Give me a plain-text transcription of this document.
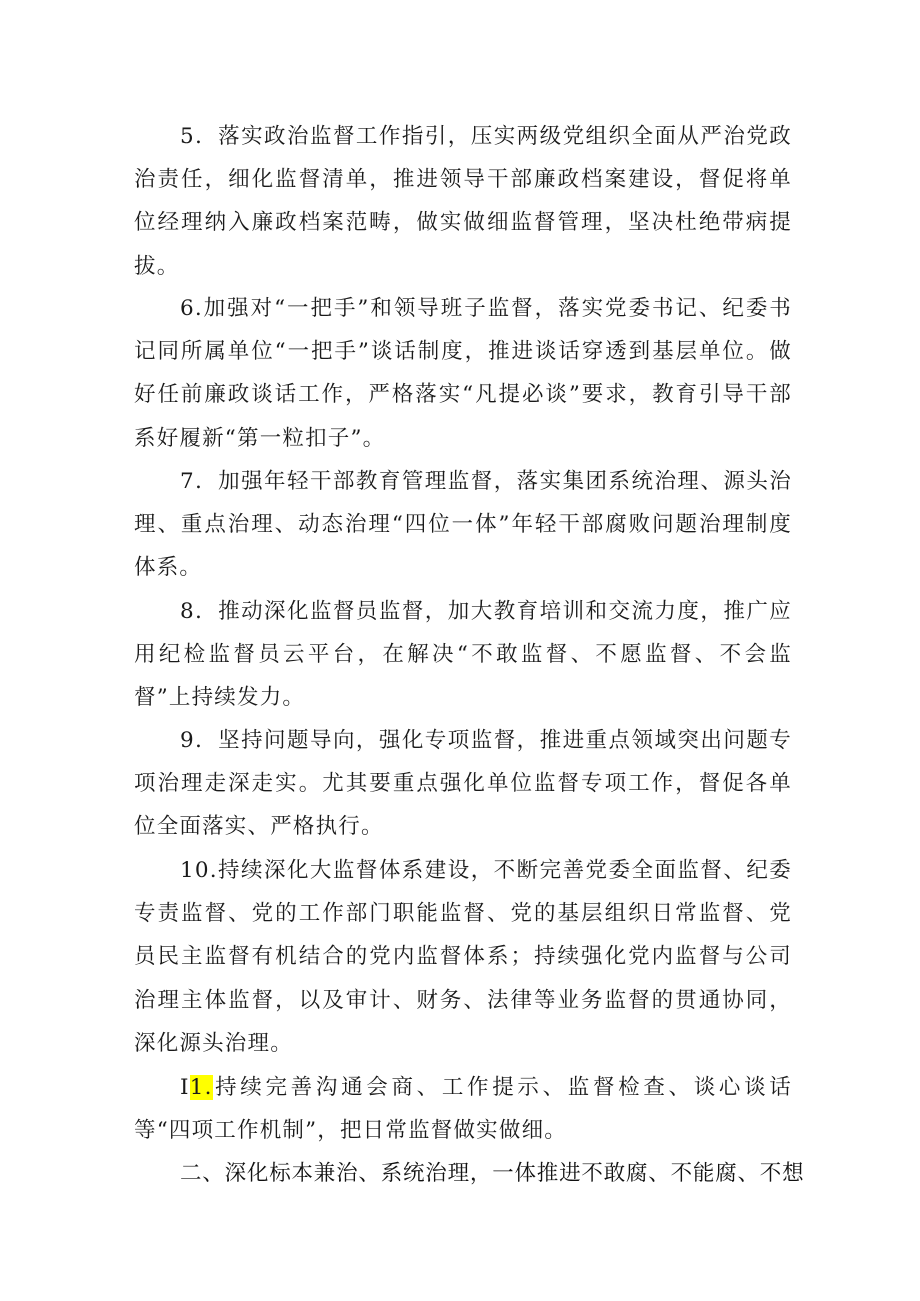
5．落实政治监督工作指引，压实两级党组织全面从严治党政治责任，细化监督清单，推进领导干部廉政档案建设，督促将单位经理纳入廉政档案范畴，做实做细监督管理，坚决杜绝带病提拔。

6.加强对“一把手”和领导班子监督，落实党委书记、纪委书记同所属单位“一把手”谈话制度，推进谈话穿透到基层单位。做好任前廉政谈话工作，严格落实“凡提必谈”要求，教育引导干部系好履新“第一粒扣子”。

7．加强年轻干部教育管理监督，落实集团系统治理、源头治理、重点治理、动态治理“四位一体”年轻干部腐败问题治理制度体系。

8．推动深化监督员监督，加大教育培训和交流力度，推广应用纪检监督员云平台，在解决“不敢监督、不愿监督、不会监督”上持续发力。

9．坚持问题导向，强化专项监督，推进重点领域突出问题专项治理走深走实。尤其要重点强化单位监督专项工作，督促各单位全面落实、严格执行。

10.持续深化大监督体系建设，不断完善党委全面监督、纪委专责监督、党的工作部门职能监督、党的基层组织日常监督、党员民主监督有机结合的党内监督体系；持续强化党内监督与公司治理主体监督，以及审计、财务、法律等业务监督的贯通协同，深化源头治理。

I1.持续完善沟通会商、工作提示、监督检查、谈心谈话等“四项工作机制”，把日常监督做实做细。

二、深化标本兼治、系统治理，一体推进不敢腐、不能腐、不想
